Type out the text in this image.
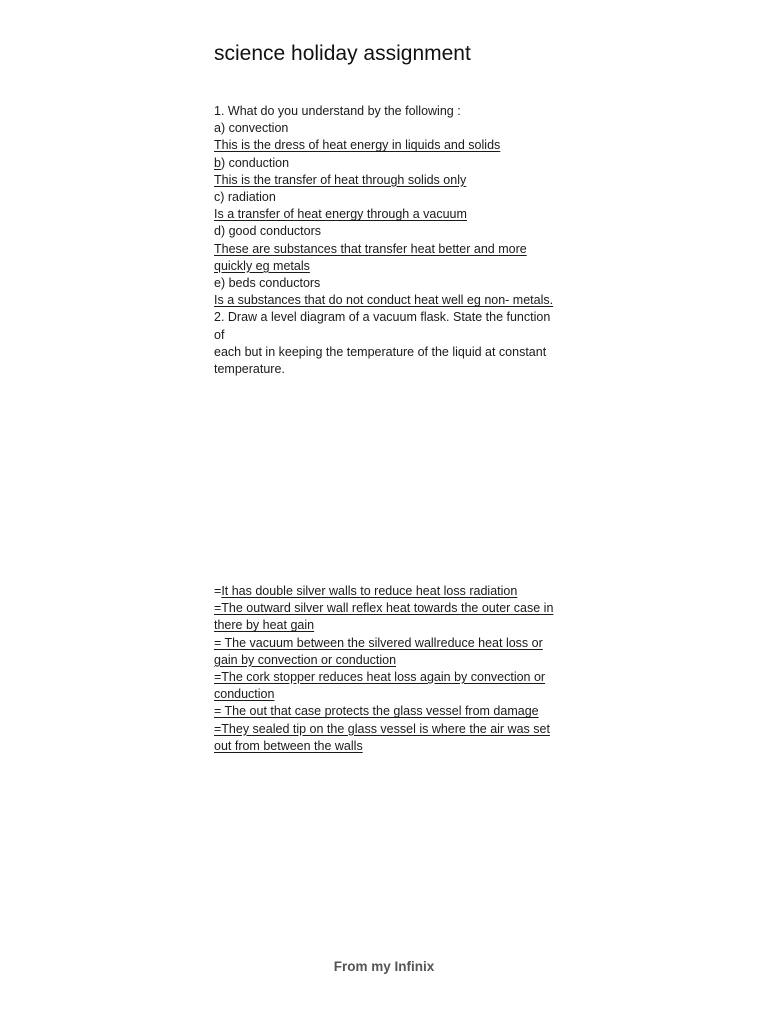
science holiday assignment
1. What do you understand by the following :
a) convection
This is the dress of heat energy in liquids and solids
b) conduction
This is the transfer of heat through solids only
c) radiation
Is a transfer of heat energy through a vacuum
d) good conductors
These are substances that transfer heat better and more
quickly eg metals
e) beds conductors
Is a substances that do not conduct heat well eg non- metals.
2. Draw a level diagram of a vacuum flask. State the function of
each but in keeping the temperature of the liquid at constant
temperature.
=It has double silver walls to reduce heat loss radiation
=The outward silver wall reflex heat towards the outer case in
there by heat gain
= The vacuum between the silvered wallreduce heat loss or
gain by convection or conduction
=The cork stopper reduces heat loss again by convection or
conduction
= The out that case protects the glass vessel from damage
=They sealed tip on the glass vessel is where the air was set
out from between the walls
From my Infinix
